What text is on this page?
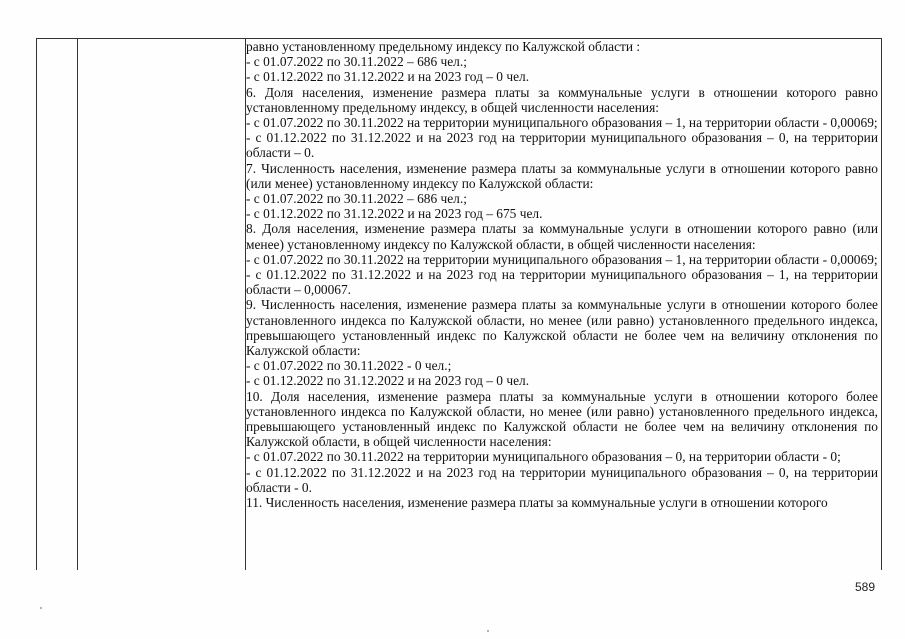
равно установленному предельному индексу по Калужской области :

- с 01.07.2022 по 30.11.2022 – 686 чел.;

- с 01.12.2022 по 31.12.2022 и на 2023 год – 0 чел.

6. Доля населения, изменение размера платы за коммунальные услуги в отношении которого равно установленному предельному индексу, в общей численности населения:

- с 01.07.2022 по 30.11.2022 на территории муниципального образования – 1, на территории области - 0,00069;

- с 01.12.2022 по 31.12.2022 и на 2023 год на территории муниципального образования – 0, на территории области – 0.

7. Численность населения, изменение размера платы за коммунальные услуги в отношении которого равно (или менее) установленному индексу по Калужской области:

- с 01.07.2022 по 30.11.2022 – 686 чел.;

- с 01.12.2022 по 31.12.2022 и на 2023 год – 675 чел.

8. Доля населения, изменение размера платы за коммунальные услуги в отношении которого равно (или менее) установленному индексу по Калужской области, в общей численности населения:

- с 01.07.2022 по 30.11.2022 на территории муниципального образования – 1, на территории области - 0,00069;

- с 01.12.2022 по 31.12.2022 и на 2023 год на территории муниципального образования – 1, на территории области – 0,00067.

9. Численность населения, изменение размера платы за коммунальные услуги в отношении которого более установленного индекса по Калужской области, но менее (или равно) установленного предельного индекса, превышающего установленный индекс по Калужской области не более чем на величину отклонения по Калужской области:

- с 01.07.2022 по 30.11.2022 - 0 чел.;

- с 01.12.2022 по 31.12.2022 и на 2023 год – 0 чел.

10. Доля населения, изменение размера платы за коммунальные услуги в отношении которого более установленного индекса по Калужской области, но менее (или равно) установленного предельного индекса, превышающего установленный индекс по Калужской области не более чем на величину отклонения по Калужской области, в общей численности населения:

- с 01.07.2022 по 30.11.2022 на территории муниципального образования – 0, на территории области - 0;

- с 01.12.2022 по 31.12.2022 и на 2023 год на территории муниципального образования – 0, на территории области - 0.

11. Численность населения, изменение размера платы за коммунальные услуги в отношении которого

589
